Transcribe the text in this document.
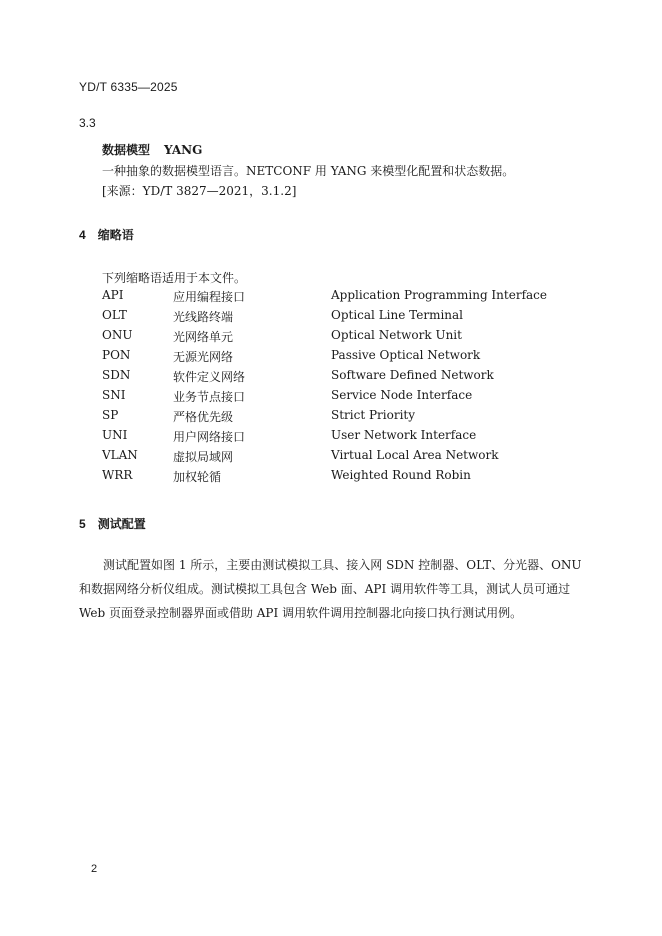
YD/T 6335—2025
3.3
数据模型 YANG
一种抽象的数据模型语言。NETCONF 用 YANG 来模型化配置和状态数据。
[来源：YD/T 3827—2021，3.1.2]
4 缩略语
下列缩略语适用于本文件。
API	应用编程接口	Application Programming Interface
OLT	光线路终端	Optical Line Terminal
ONU	光网络单元	Optical Network Unit
PON	无源光网络	Passive Optical Network
SDN	软件定义网络	Software Defined Network
SNI	业务节点接口	Service Node Interface
SP	严格优先级	Strict Priority
UNI	用户网络接口	User Network Interface
VLAN	虚拟局域网	Virtual Local Area Network
WRR	加权轮循	Weighted Round Robin
5 测试配置
测试配置如图 1 所示，主要由测试模拟工具、接入网 SDN 控制器、OLT、分光器、ONU 和数据网络分析仪组成。测试模拟工具包含 Web 面、API 调用软件等工具，测试人员可通过 Web 页面登录控制器界面或借助 API 调用软件调用控制器北向接口执行测试用例。
2
